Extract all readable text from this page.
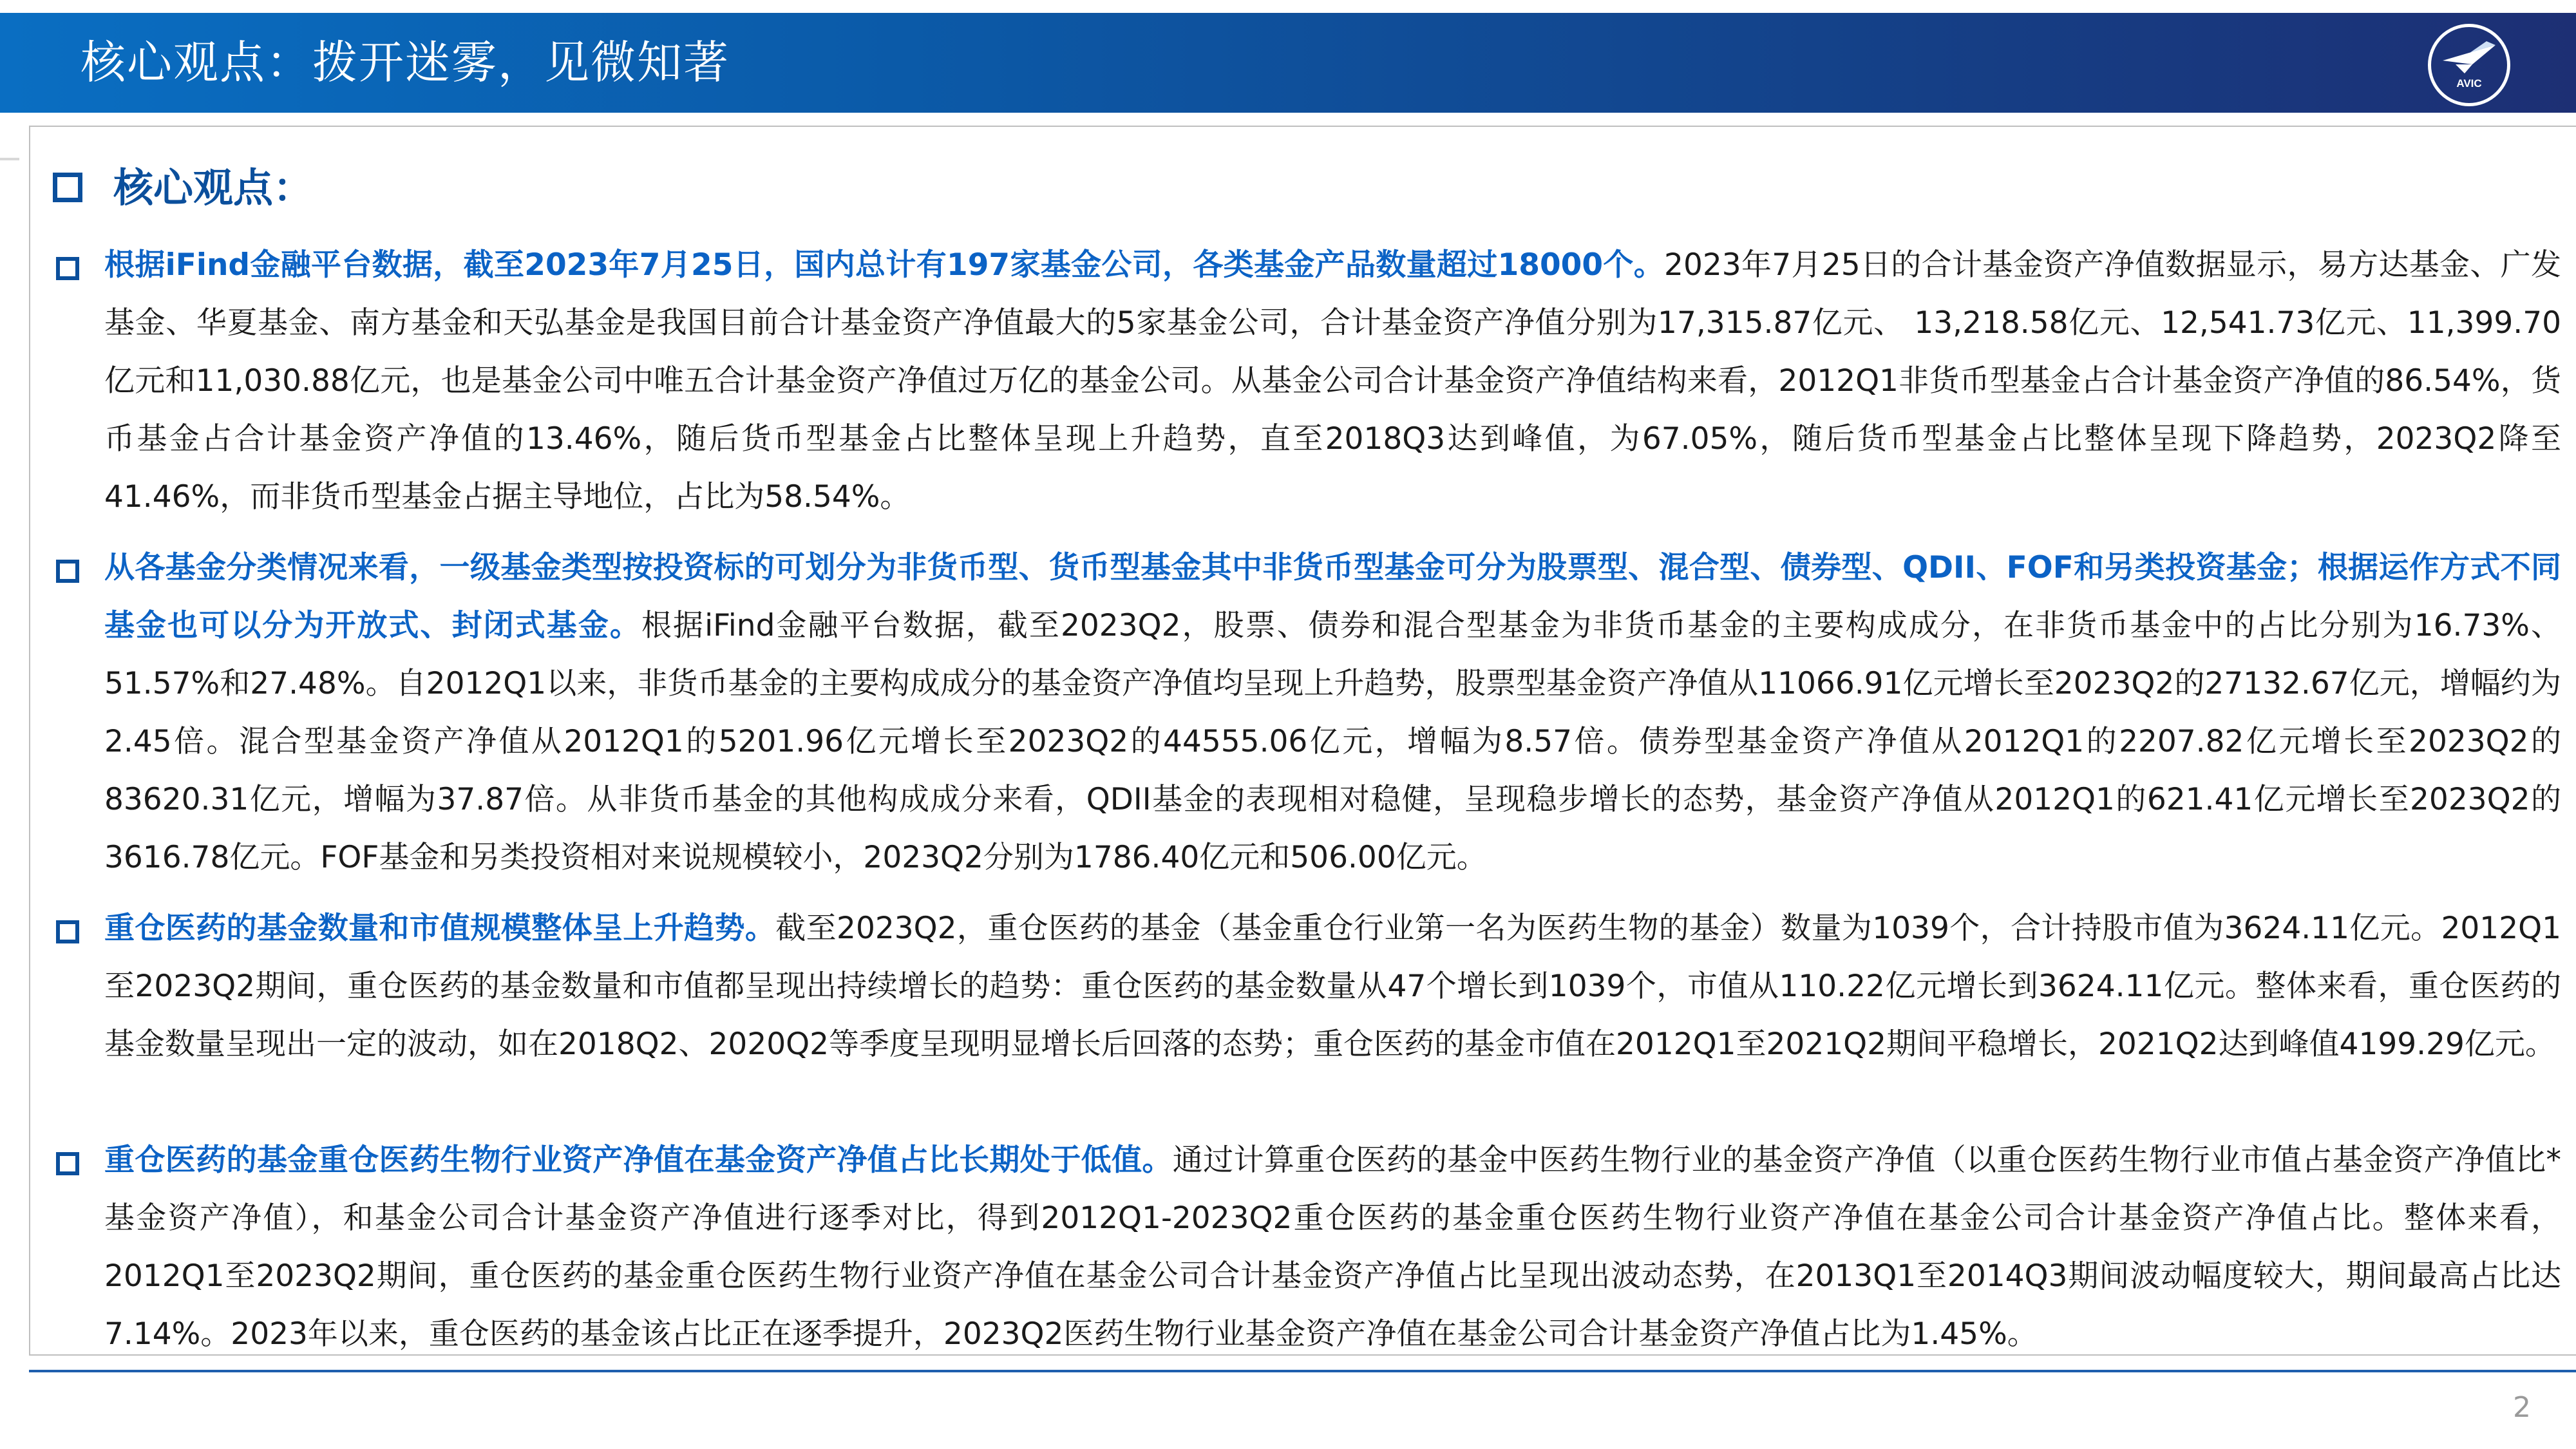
核心观点：拨开迷雾，见微知著	AVIC
核心观点：
根据iFind金融平台数据，截至2023年7月25日，国内总计有197家基金公司，各类基金产品数量超过18000个。2023年7月25日的合计基金资产净值数据显示，易方达基金、广发基金、华夏基金、南方基金和天弘基金是我国目前合计基金资产净值最大的5家基金公司，合计基金资产净值分别为17,315.87亿元、 13,218.58亿元、12,541.73亿元、11,399.70亿元和11,030.88亿元，也是基金公司中唯五合计基金资产净值过万亿的基金公司。从基金公司合计基金资产净值结构来看，2012Q1非货币型基金占合计基金资产净值的86.54%，货币基金占合计基金资产净值的13.46%，随后货币型基金占比整体呈现上升趋势，直至2018Q3达到峰值，为67.05%，随后货币型基金占比整体呈现下降趋势，2023Q2降至41.46%，而非货币型基金占据主导地位，占比为58.54%。
从各基金分类情况来看，一级基金类型按投资标的可划分为非货币型、货币型基金其中非货币型基金可分为股票型、混合型、债券型、QDII、FOF和另类投资基金；根据运作方式不同基金也可以分为开放式、封闭式基金。根据iFind金融平台数据，截至2023Q2，股票、债券和混合型基金为非货币基金的主要构成成分，在非货币基金中的占比分别为16.73%、51.57%和27.48%。自2012Q1以来，非货币基金的主要构成成分的基金资产净值均呈现上升趋势，股票型基金资产净值从11066.91亿元增长至2023Q2的27132.67亿元，增幅约为2.45倍。混合型基金资产净值从2012Q1的5201.96亿元增长至2023Q2的44555.06亿元，增幅为8.57倍。债券型基金资产净值从2012Q1的2207.82亿元增长至2023Q2的83620.31亿元，增幅为37.87倍。从非货币基金的其他构成成分来看，QDII基金的表现相对稳健，呈现稳步增长的态势，基金资产净值从2012Q1的621.41亿元增长至2023Q2的3616.78亿元。FOF基金和另类投资相对来说规模较小，2023Q2分别为1786.40亿元和506.00亿元。
重仓医药的基金数量和市值规模整体呈上升趋势。截至2023Q2，重仓医药的基金（基金重仓行业第一名为医药生物的基金）数量为1039个，合计持股市值为3624.11亿元。2012Q1至2023Q2期间，重仓医药的基金数量和市值都呈现出持续增长的趋势：重仓医药的基金数量从47个增长到1039个，市值从110.22亿元增长到3624.11亿元。整体来看，重仓医药的基金数量呈现出一定的波动，如在2018Q2、2020Q2等季度呈现明显增长后回落的态势；重仓医药的基金市值在2012Q1至2021Q2期间平稳增长，2021Q2达到峰值4199.29亿元。
重仓医药的基金重仓医药生物行业资产净值在基金资产净值占比长期处于低值。通过计算重仓医药的基金中医药生物行业的基金资产净值（以重仓医药生物行业市值占基金资产净值比*基金资产净值），和基金公司合计基金资产净值进行逐季对比，得到2012Q1-2023Q2重仓医药的基金重仓医药生物行业资产净值在基金公司合计基金资产净值占比。整体来看，2012Q1至2023Q2期间，重仓医药的基金重仓医药生物行业资产净值在基金公司合计基金资产净值占比呈现出波动态势，在2013Q1至2014Q3期间波动幅度较大，期间最高占比达7.14%。2023年以来，重仓医药的基金该占比正在逐季提升，2023Q2医药生物行业基金资产净值在基金公司合计基金资产净值占比为1.45%。
2
